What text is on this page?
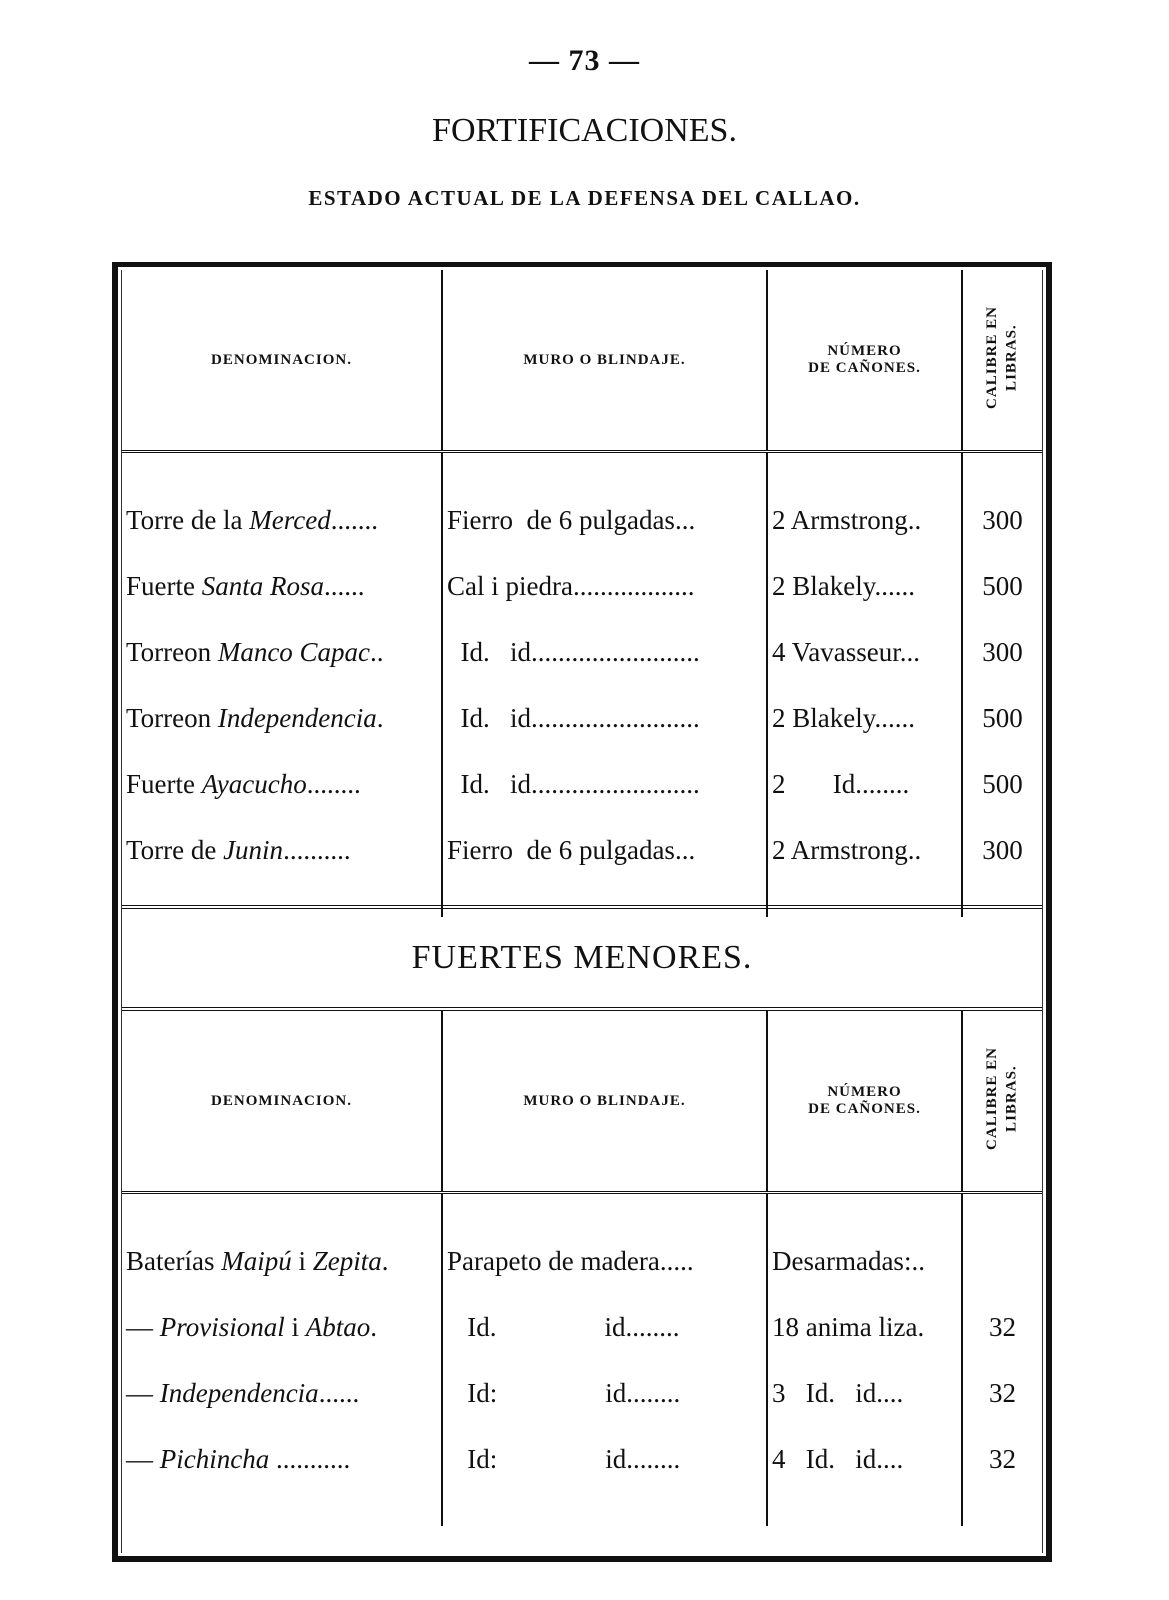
— 73 —
FORTIFICACIONES.
ESTADO ACTUAL DE LA DEFENSA DEL CALLAO.
DENOMINACION.	MURO O BLINDAJE.	NÚMERO
DE CAÑONES.	CALIBRE EN LIBRAS.

Torre de la Merced.......	Fierro  de 6 pulgadas...	2 Armstrong..	300
Fuerte Santa Rosa......	Cal i piedra..................	2 Blakely......	500
Torreon Manco Capac..	Id.   id.........................	4 Vavasseur...	300
Torreon Independencia.	Id.   id.........................	2 Blakely......	500
Fuerte Ayacucho........	Id.   id.........................	2       Id........	500
Torre de Junin..........	Fierro  de 6 pulgadas...	2 Armstrong..	300

FUERTES MENORES.
DENOMINACION.	MURO O BLINDAJE.	NÚMERO
DE CAÑONES.	CALIBRE EN LIBRAS.

Baterías Maipú i Zepita.	Parapeto de madera.....	Desarmadas:..	
— Provisional i Abtao.	Id.                id........	18 anima liza.	32
— Independencia......	Id:                id........	3   Id.   id....	32
— Pichincha ...........	Id:                id........	4   Id.   id....	32
